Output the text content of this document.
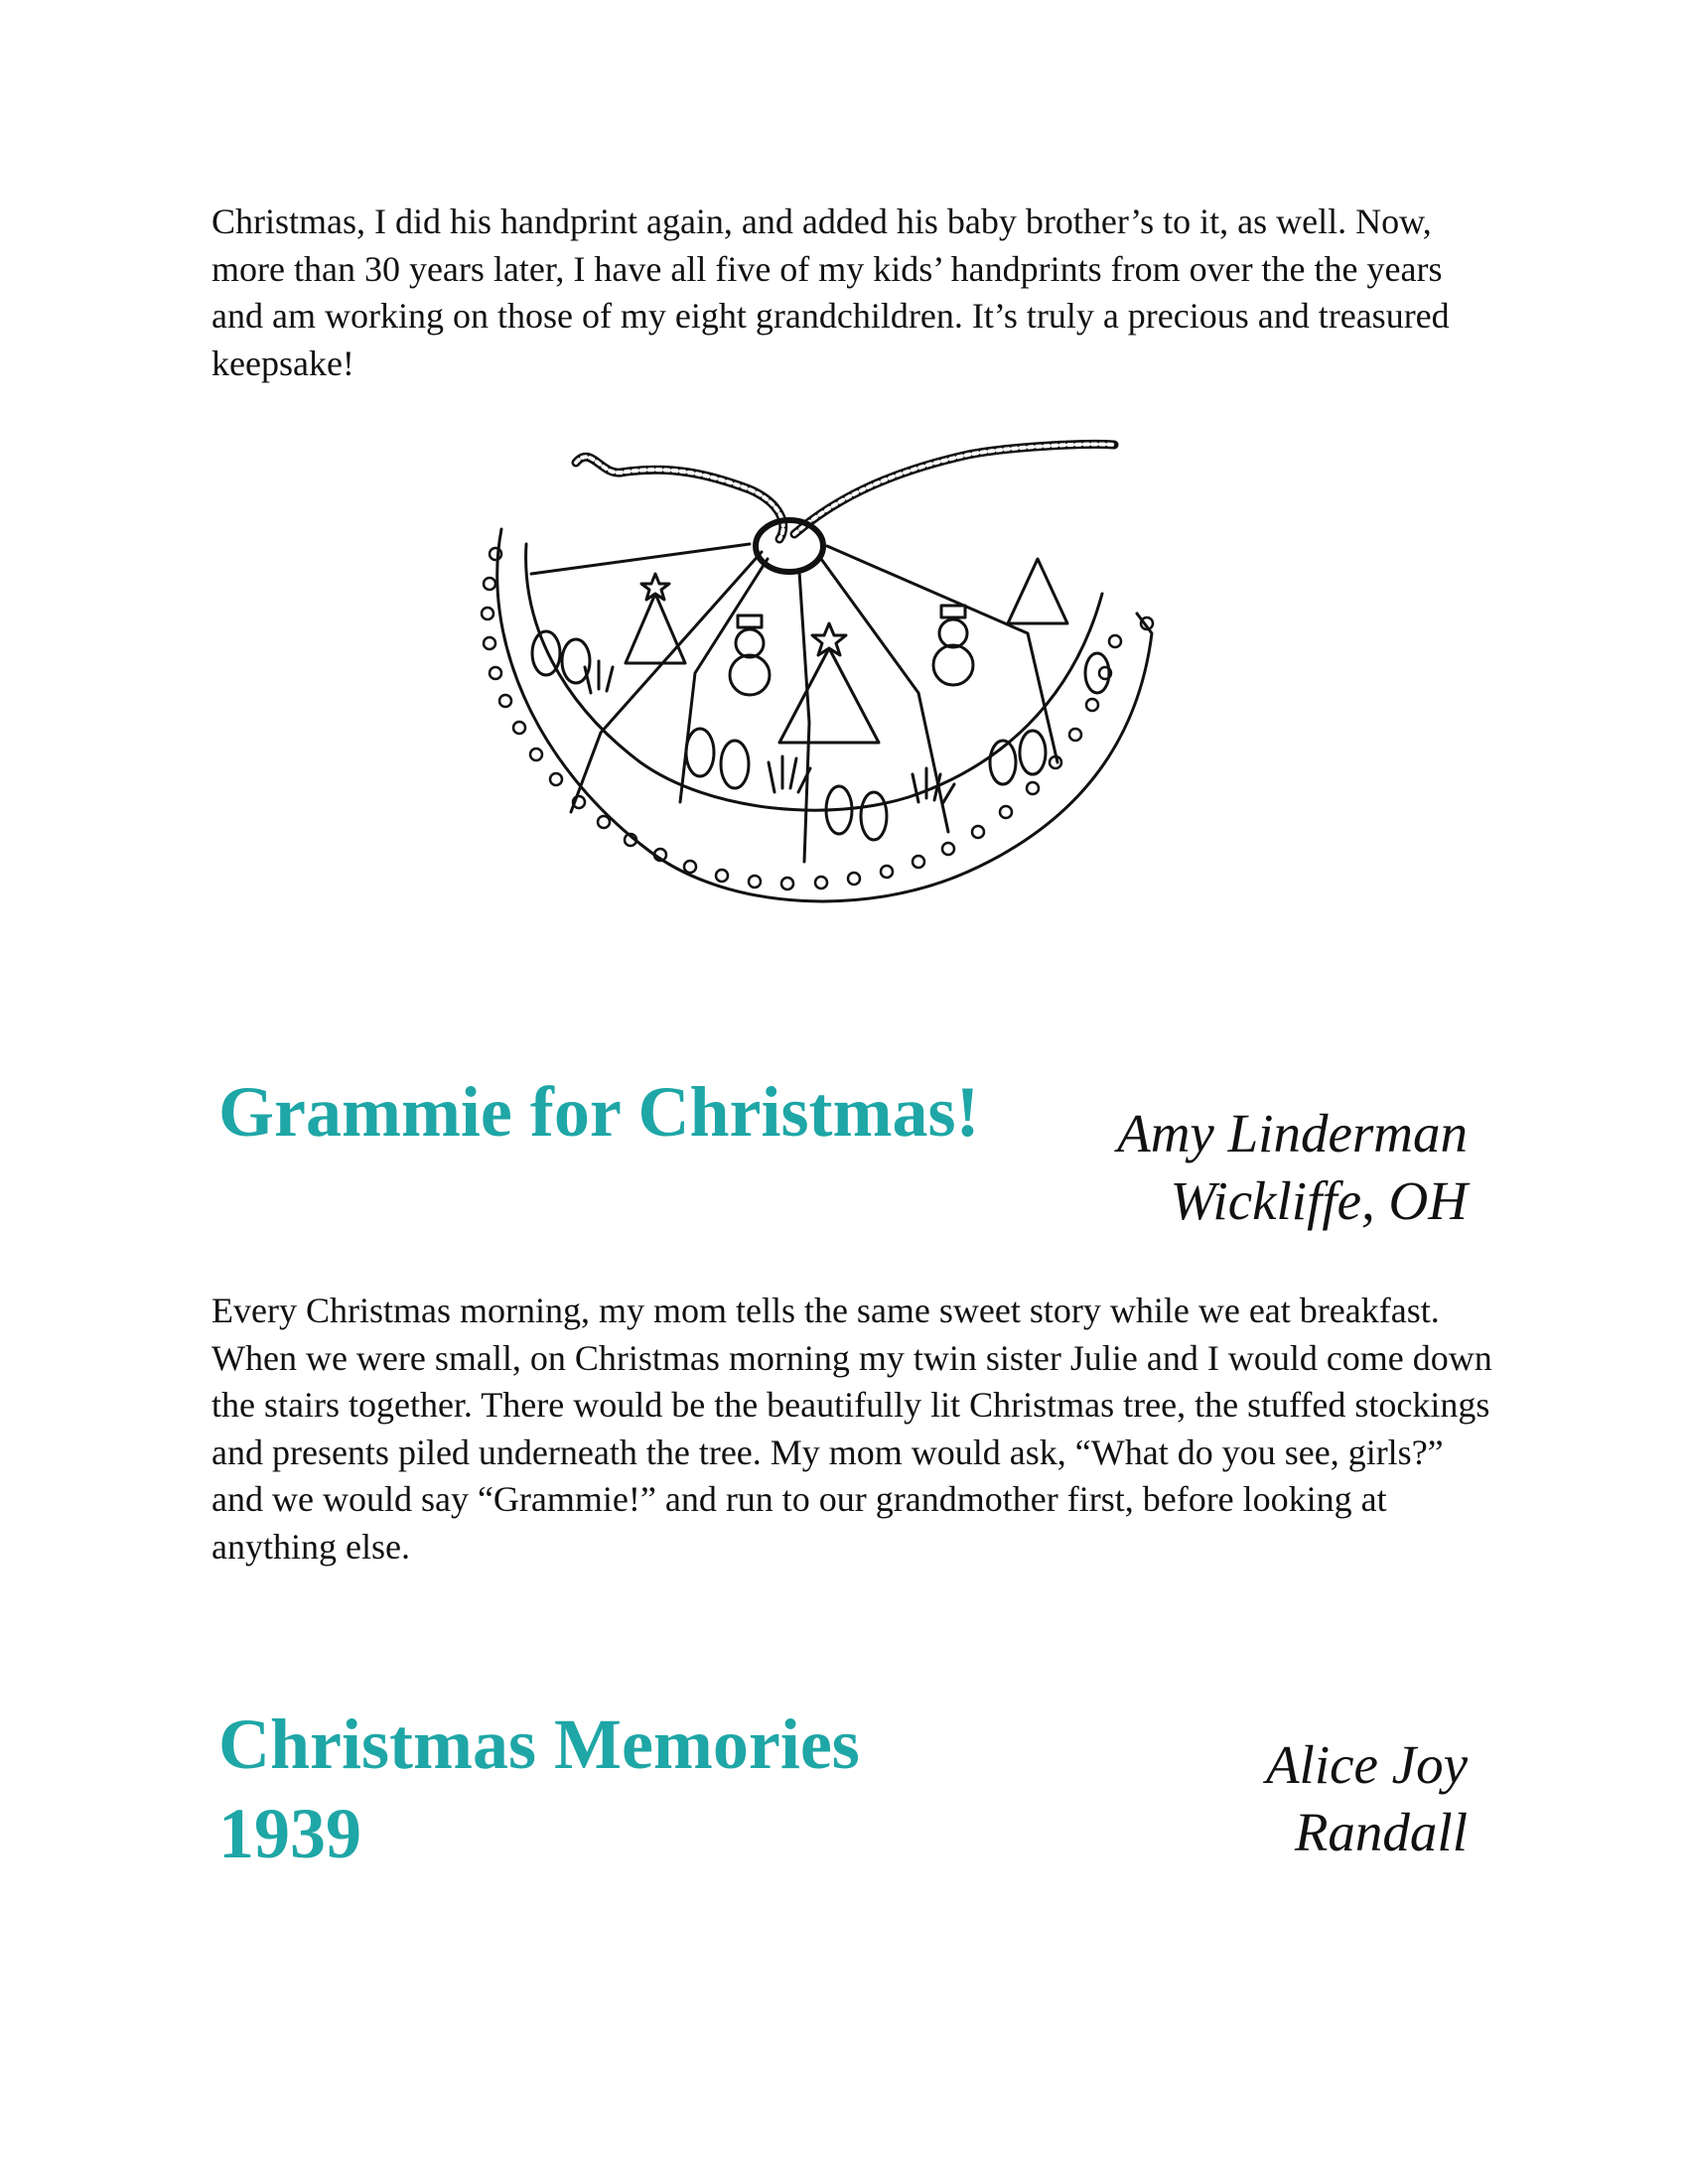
Christmas, I did his handprint again, and added his baby brother’s to it, as well. Now, more than 30 years later, I have all five of my kids’ handprints from over the the years and am working on those of my eight grandchildren. It’s truly a precious and treasured keepsake!

Grammie for Christmas!	Amy Linderman
Wickliffe, OH

Every Christmas morning, my mom tells the same sweet story while we eat breakfast. When we were small, on Christmas morning my twin sister Julie and I would come down the stairs together. There would be the beautifully lit Christmas tree, the stuffed stockings and presents piled underneath the tree. My mom would ask, “What do you see, girls?” and we would say “Grammie!” and run to our grandmother first, before looking at anything else.

Christmas Memories
1939
Alice Joy
Randall
